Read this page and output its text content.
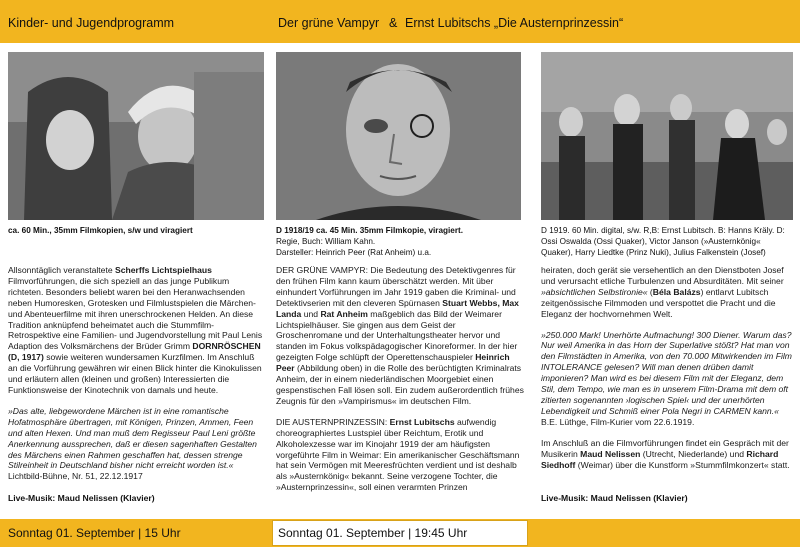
Kinder- und Jugendprogramm	Der grüne Vampyr & Ernst Lubitschs „Die Austernprinzessin“
ca. 60 Min., 35mm Filmkopien, s/w und viragiert

Allsonntäglich veranstaltete Scherffs Lichtspielhaus Filmvorführungen, die sich speziell an das junge Publikum richteten. Besonders beliebt waren bei den Heranwachsenden neben Humoresken, Grotesken und Filmlustspielen die Märchen- und Abenteuerfilme mit ihren unerschrockenen Helden. An diese Tradition anknüpfend beheimatet auch die Stummfilm-Retrospektive eine Familien- und Jugendvorstellung mit Paul Lenis Adaption des Volksmärchens der Brüder Grimm DORNRÖSCHEN (D, 1917) sowie weiteren wundersamen Kurzfilmen. Im Anschluß an die Vorführung gewähren wir einen Blick hinter die Kinokulissen und erläutern allen (kleinen und großen) Interessierten die Funktionsweise der Kinotechnik von damals und heute.

»Das alte, liebgewordene Märchen ist in eine romantische Hofatmosphäre übertragen, mit Königen, Prinzen, Ammen, Feen und alten Hexen. Und man muß dem Regisseur Paul Leni größte Anerkennung aussprechen, daß er diesen sagenhaften Gestalten des Märchens einen Rahmen geschaffen hat, dessen strenge Stilreinheit in Deutschland bisher nicht erreicht worden ist.« Lichtbild-Bühne, Nr. 51, 22.12.1917

Live-Musik: Maud Nelissen (Klavier)
D 1918/19 ca. 45 Min. 35mm Filmkopie, viragiert.
Regie, Buch: William Kahn.
Darsteller: Heinrich Peer (Rat Anheim) u.a.

DER GRÜNE VAMPYR: Die Bedeutung des Detektivgenres für den frühen Film kann kaum überschätzt werden. Mit über einhundert Vorführungen im Jahr 1919 gaben die Kriminal- und Detektivserien mit den cleveren Spürnasen Stuart Webbs, Max Landa und Rat Anheim maßgeblich das Bild der Weimarer Lichtspielhäuser. Sie gingen aus dem Geist der Groschenromane und der Unterhaltungstheater hervor und standen im Fokus volkspädagogischer Kinoreformer. In der hier gezeigten Folge schlüpft der Operettenschauspieler Heinrich Peer (Abbildung oben) in die Rolle des berüchtigten Kriminalrats Anheim, der in einem niederländischen Moorgebiet einen gespenstischen Fall lösen soll. Ein zudem außerordentlich frühes Zeugnis für den »Vampirismus« im deutschen Film.

DIE AUSTERNPRINZESSIN: Ernst Lubitschs aufwendig choreographiertes Lustspiel über Reichtum, Erotik und Alkoholexzesse war im Kinojahr 1919 der am häufigsten vorgeführte Film in Weimar: Ein amerikanischer Geschäftsmann hat sein Vermögen mit Meeresfrüchten verdient und ist deshalb als »Austernkönig« bekannt. Seine verzogene Tochter, die »Austernprinzessin«, soll einen verarmten Prinzen

D 1919. 60 Min. digital, s/w. R,B: Ernst Lubitsch. B: Hanns Kräly. D: Ossi Oswalda (Ossi Quaker), Victor Janson (»Austernkönig« Quaker), Harry Liedtke (Prinz Nuki), Julius Falkenstein (Josef)

heiraten, doch gerät sie versehentlich an den Dienstboten Josef und verursacht etliche Turbulenzen und Absurditäten. Mit seiner »absichtlichen Selbstironie« (Béla Balázs) entlarvt Lubitsch zeitgenössische Filmmoden und verspottet die Pracht und die Eleganz der hochvornehmen Welt.

»250.000 Mark! Unerhörte Aufmachung! 300 Diener. Warum das? Nur weil Amerika in das Horn der Superlative stößt? Hat man von den Filmstädten in Amerika, von den 70.000 Mitwirkenden im Film INTOLERANCE gelesen? Will man denen drüben damit imponieren? Man wird es bei diesem Film mit der Eleganz, dem Stil, dem Tempo, wie man es in unserem Film-Drama mit dem oft zitierten sogenannten ›logischen Spiel‹ und der unerhörten Lebendigkeit und Schmiß einer Pola Negri in CARMEN kann.«
B.E. Lüthge, Film-Kurier vom 22.6.1919.

Im Anschluß an die Filmvorführungen findet ein Gespräch mit der Musikerin Maud Nelissen (Utrecht, Niederlande) und Richard Siedhoff (Weimar) über die Kunstform »Stummfilmkonzert« statt.

Live-Musik: Maud Nelissen (Klavier)
Sonntag 01. September | 15 Uhr	Sonntag 01. September | 19:45 Uhr
